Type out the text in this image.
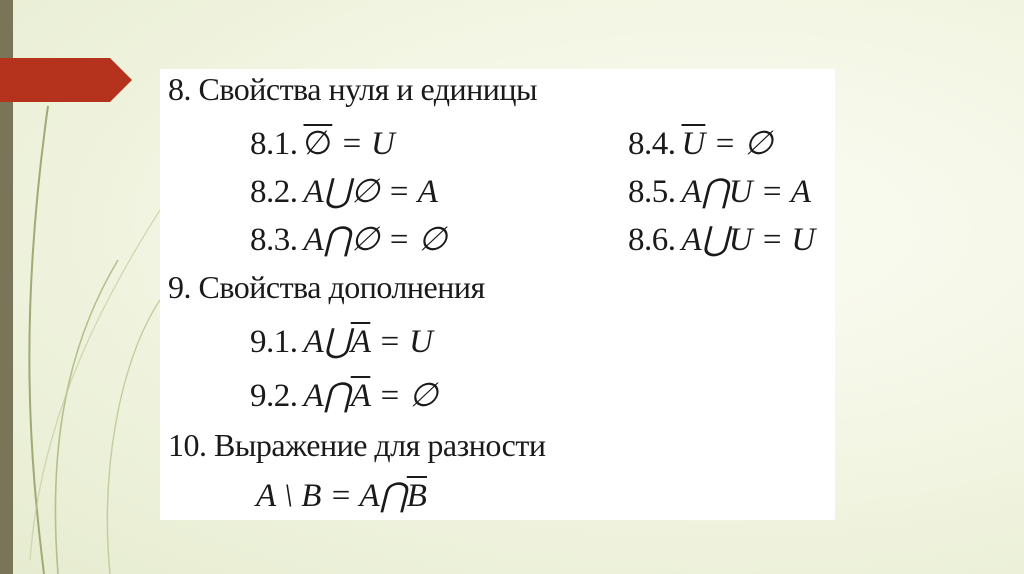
8. Свойства нуля и единицы
8.1. ∅ = U
8.2. A⋃∅ = A
8.3. A⋂∅ = ∅
8.4. $\overline{U}$ = ∅
8.5. A⋂U = A
8.6. A⋃U = U
9. Свойства дополнения
9.1. $A⋃\overline{A} = U$
9.2. $A⋂\overline{A}$ = ∅
10. Выражение для разности
A \ $B = A⋂\overline{B}$
